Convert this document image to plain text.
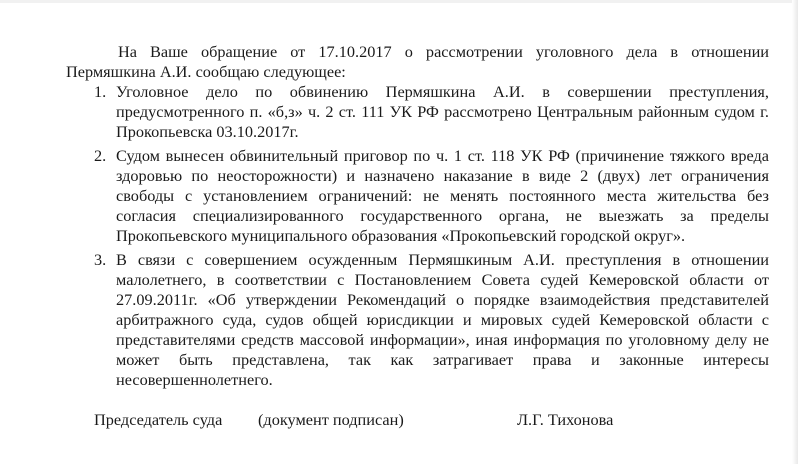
На Ваше обращение от 17.10.2017 о рассмотрении уголовного дела в отношении Пермяшкина А.И. сообщаю следующее:

1. Уголовное дело по обвинению Пермяшкина А.И. в совершении преступления, предусмотренного п. «б,з» ч. 2 ст. 111 УК РФ рассмотрено Центральным районным судом г. Прокопьевска 03.10.2017г.
2. Судом вынесен обвинительный приговор по ч. 1 ст. 118 УК РФ (причинение тяжкого вреда здоровью по неосторожности) и назначено наказание в виде 2 (двух) лет ограничения свободы с установлением ограничений: не менять постоянного места жительства без согласия специализированного государственного органа, не выезжать за пределы Прокопьевского муниципального образования «Прокопьевский городской округ».
3. В связи с совершением осужденным Пермяшкиным А.И. преступления в отношении малолетнего, в соответствии с Постановлением Совета судей Кемеровской области от 27.09.2011г. «Об утверждении Рекомендаций о порядке взаимодействия представителей арбитражного суда, судов общей юрисдикции и мировых судей Кемеровской области с представителями средств массовой информации», иная информация по уголовному делу не может быть представлена, так как затрагивает права и законные интересы несовершеннолетнего.
Председатель суда (документ подписан)	Л.Г. Тихонова
